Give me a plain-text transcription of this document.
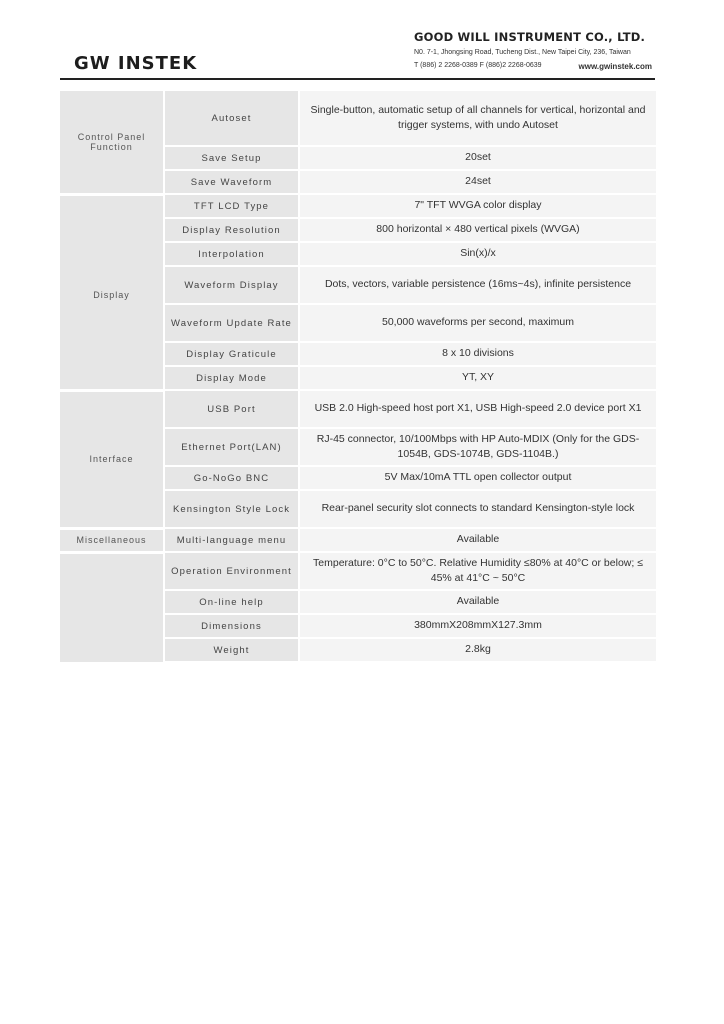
GW INSTEK
GOOD WILL INSTRUMENT CO., LTD.
N0. 7-1, Jhongsing Road, Tucheng Dist., New Taipei City, 236, Taiwan
T (886) 2 2268-0389 F (886)2 2268-0639	www.gwinstek.com
Control Panel Function	Autoset	Single-button, automatic setup of all channels for vertical, horizontal and trigger systems, with undo Autoset
	Save Setup	20set
	Save Waveform	24set
Display	TFT LCD Type	7" TFT WVGA color display
	Display Resolution	800 horizontal × 480 vertical pixels (WVGA)
	Interpolation	Sin(x)/x
	Waveform Display	Dots, vectors, variable persistence (16ms~4s), infinite persistence
	Waveform Update Rate	50,000 waveforms per second, maximum
	Display Graticule	8 x 10 divisions
	Display Mode	YT, XY
Interface	USB Port	USB 2.0 High-speed host port X1, USB High-speed 2.0 device port X1
	Ethernet Port(LAN)	RJ-45 connector, 10/100Mbps with HP Auto-MDIX (Only for the GDS-1054B, GDS-1074B, GDS-1104B.)
	Go-NoGo BNC	5V Max/10mA TTL open collector output
	Kensington Style Lock	Rear-panel security slot connects to standard Kensington-style lock
Miscellaneous	Multi-language menu	Available
	Operation Environment	Temperature: 0°C to 50°C. Relative Humidity ≤80% at 40°C or below; ≤ 45% at 41°C ~ 50°C
	On-line help	Available
	Dimensions	380mmX208mmX127.3mm
	Weight	2.8kg
